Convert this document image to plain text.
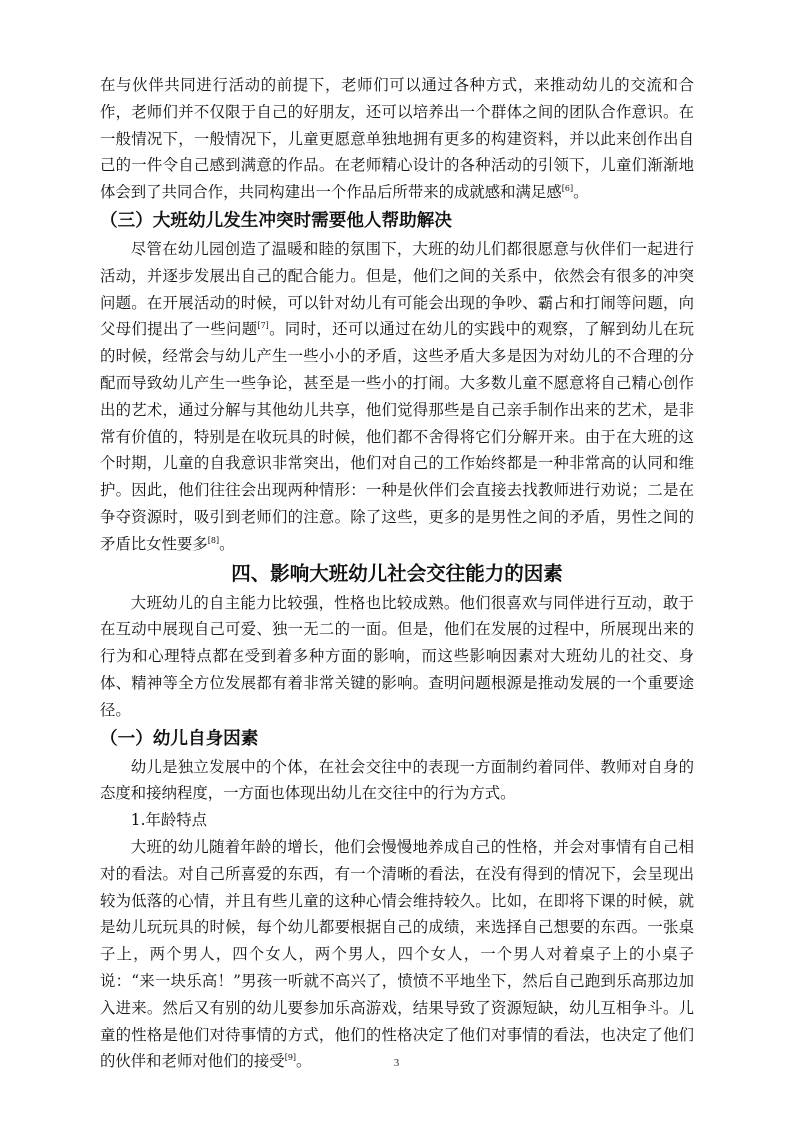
在与伙伴共同进行活动的前提下，老师们可以通过各种方式，来推动幼儿的交流和合作，老师们并不仅限于自己的好朋友，还可以培养出一个群体之间的团队合作意识。在一般情况下，一般情况下，儿童更愿意单独地拥有更多的构建资料，并以此来创作出自己的一件令自己感到满意的作品。在老师精心设计的各种活动的引领下，儿童们渐渐地体会到了共同合作，共同构建出一个作品后所带来的成就感和满足感[6]。

（三）大班幼儿发生冲突时需要他人帮助解决

尽管在幼儿园创造了温暖和睦的氛围下，大班的幼儿们都很愿意与伙伴们一起进行活动，并逐步发展出自己的配合能力。但是，他们之间的关系中，依然会有很多的冲突问题。在开展活动的时候，可以针对幼儿有可能会出现的争吵、霸占和打闹等问题，向父母们提出了一些问题[7]。同时，还可以通过在幼儿的实践中的观察，了解到幼儿在玩的时候，经常会与幼儿产生一些小小的矛盾，这些矛盾大多是因为对幼儿的不合理的分配而导致幼儿产生一些争论，甚至是一些小的打闹。大多数儿童不愿意将自己精心创作出的艺术，通过分解与其他幼儿共享，他们觉得那些是自己亲手制作出来的艺术，是非常有价值的，特别是在收玩具的时候，他们都不舍得将它们分解开来。由于在大班的这个时期，儿童的自我意识非常突出，他们对自己的工作始终都是一种非常高的认同和维护。因此，他们往往会出现两种情形：一种是伙伴们会直接去找教师进行劝说；二是在争夺资源时，吸引到老师们的注意。除了这些，更多的是男性之间的矛盾，男性之间的矛盾比女性要多[8]。

四、影响大班幼儿社会交往能力的因素

大班幼儿的自主能力比较强，性格也比较成熟。他们很喜欢与同伴进行互动，敢于在互动中展现自己可爱、独一无二的一面。但是，他们在发展的过程中，所展现出来的行为和心理特点都在受到着多种方面的影响，而这些影响因素对大班幼儿的社交、身体、精神等全方位发展都有着非常关键的影响。查明问题根源是推动发展的一个重要途径。

（一）幼儿自身因素

幼儿是独立发展中的个体，在社会交往中的表现一方面制约着同伴、教师对自身的态度和接纳程度，一方面也体现出幼儿在交往中的行为方式。

1.年龄特点

大班的幼儿随着年龄的增长，他们会慢慢地养成自己的性格，并会对事情有自己相对的看法。对自己所喜爱的东西，有一个清晰的看法，在没有得到的情况下，会呈现出较为低落的心情，并且有些儿童的这种心情会维持较久。比如，在即将下课的时候，就是幼儿玩玩具的时候，每个幼儿都要根据自己的成绩，来选择自己想要的东西。一张桌子上，两个男人，四个女人，两个男人，四个女人，一个男人对着桌子上的小桌子说：“来一块乐高！”男孩一听就不高兴了，愤愤不平地坐下，然后自己跑到乐高那边加入进来。然后又有别的幼儿要参加乐高游戏，结果导致了资源短缺，幼儿互相争斗。儿童的性格是他们对待事情的方式，他们的性格决定了他们对事情的看法，也决定了他们的伙伴和老师对他们的接受[9]。	3
